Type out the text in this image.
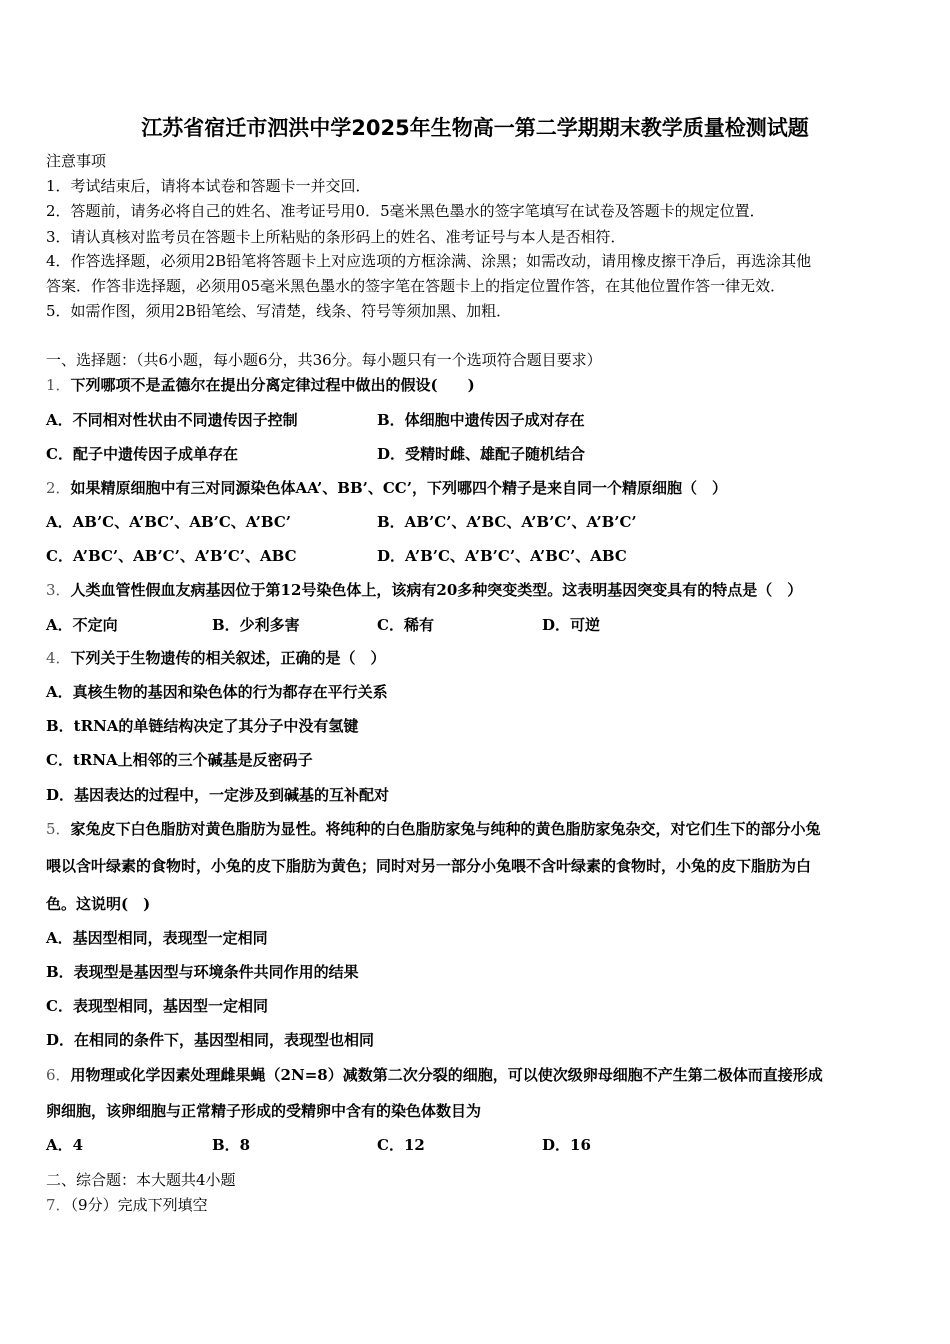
江苏省宿迁市泗洪中学2025年生物高一第二学期期末教学质量检测试题
注意事项
1．考试结束后，请将本试卷和答题卡一并交回．
2．答题前，请务必将自己的姓名、准考证号用0．5毫米黑色墨水的签字笔填写在试卷及答题卡的规定位置．
3．请认真核对监考员在答题卡上所粘贴的条形码上的姓名、准考证号与本人是否相符．
4．作答选择题，必须用2B铅笔将答题卡上对应选项的方框涂满、涂黑；如需改动，请用橡皮擦干净后，再选涂其他
答案．作答非选择题，必须用05毫米黑色墨水的签字笔在答题卡上的指定位置作答，在其他位置作答一律无效．
5．如需作图，须用2B铅笔绘、写清楚，线条、符号等须加黑、加粗．
一、选择题：（共6小题，每小题6分，共36分。每小题只有一个选项符合题目要求）
1．下列哪项不是孟德尔在提出分离定律过程中做出的假设(　　)
A．不同相对性状由不同遗传因子控制	B．体细胞中遗传因子成对存在
C．配子中遗传因子成单存在	D．受精时雌、雄配子随机结合
2．如果精原细胞中有三对同源染色体AA’、BB’、CC’，下列哪四个精子是来自同一个精原细胞（　）
A．AB’C、A’BC’、AB’C、A’BC’	B．AB’C’、A’BC、A’B’C’、A’B’C’
C．A’BC’、AB’C’、A’B’C’、ABC	D．A’B’C、A’B’C’、A’BC’、ABC
3．人类血管性假血友病基因位于第12号染色体上，该病有20多种突变类型。这表明基因突变具有的特点是（　）
A．不定向	B．少利多害	C．稀有	D．可逆
4．下列关于生物遗传的相关叙述，正确的是（　）
A．真核生物的基因和染色体的行为都存在平行关系
B．tRNA的单链结构决定了其分子中没有氢键
C．tRNA上相邻的三个碱基是反密码子
D．基因表达的过程中，一定涉及到碱基的互补配对
5．家兔皮下白色脂肪对黄色脂肪为显性。将纯种的白色脂肪家兔与纯种的黄色脂肪家兔杂交，对它们生下的部分小兔
喂以含叶绿素的食物时，小兔的皮下脂肪为黄色；同时对另一部分小兔喂不含叶绿素的食物时，小兔的皮下脂肪为白
色。这说明(　)
A．基因型相同，表现型一定相同
B．表现型是基因型与环境条件共同作用的结果
C．表现型相同，基因型一定相同
D．在相同的条件下，基因型相同，表现型也相同
6．用物理或化学因素处理雌果蝇（2N=8）减数第二次分裂的细胞，可以使次级卵母细胞不产生第二极体而直接形成
卵细胞，该卵细胞与正常精子形成的受精卵中含有的染色体数目为
A．4	B．8	C．12	D．16
二、综合题：本大题共4小题
7．（9分）完成下列填空
